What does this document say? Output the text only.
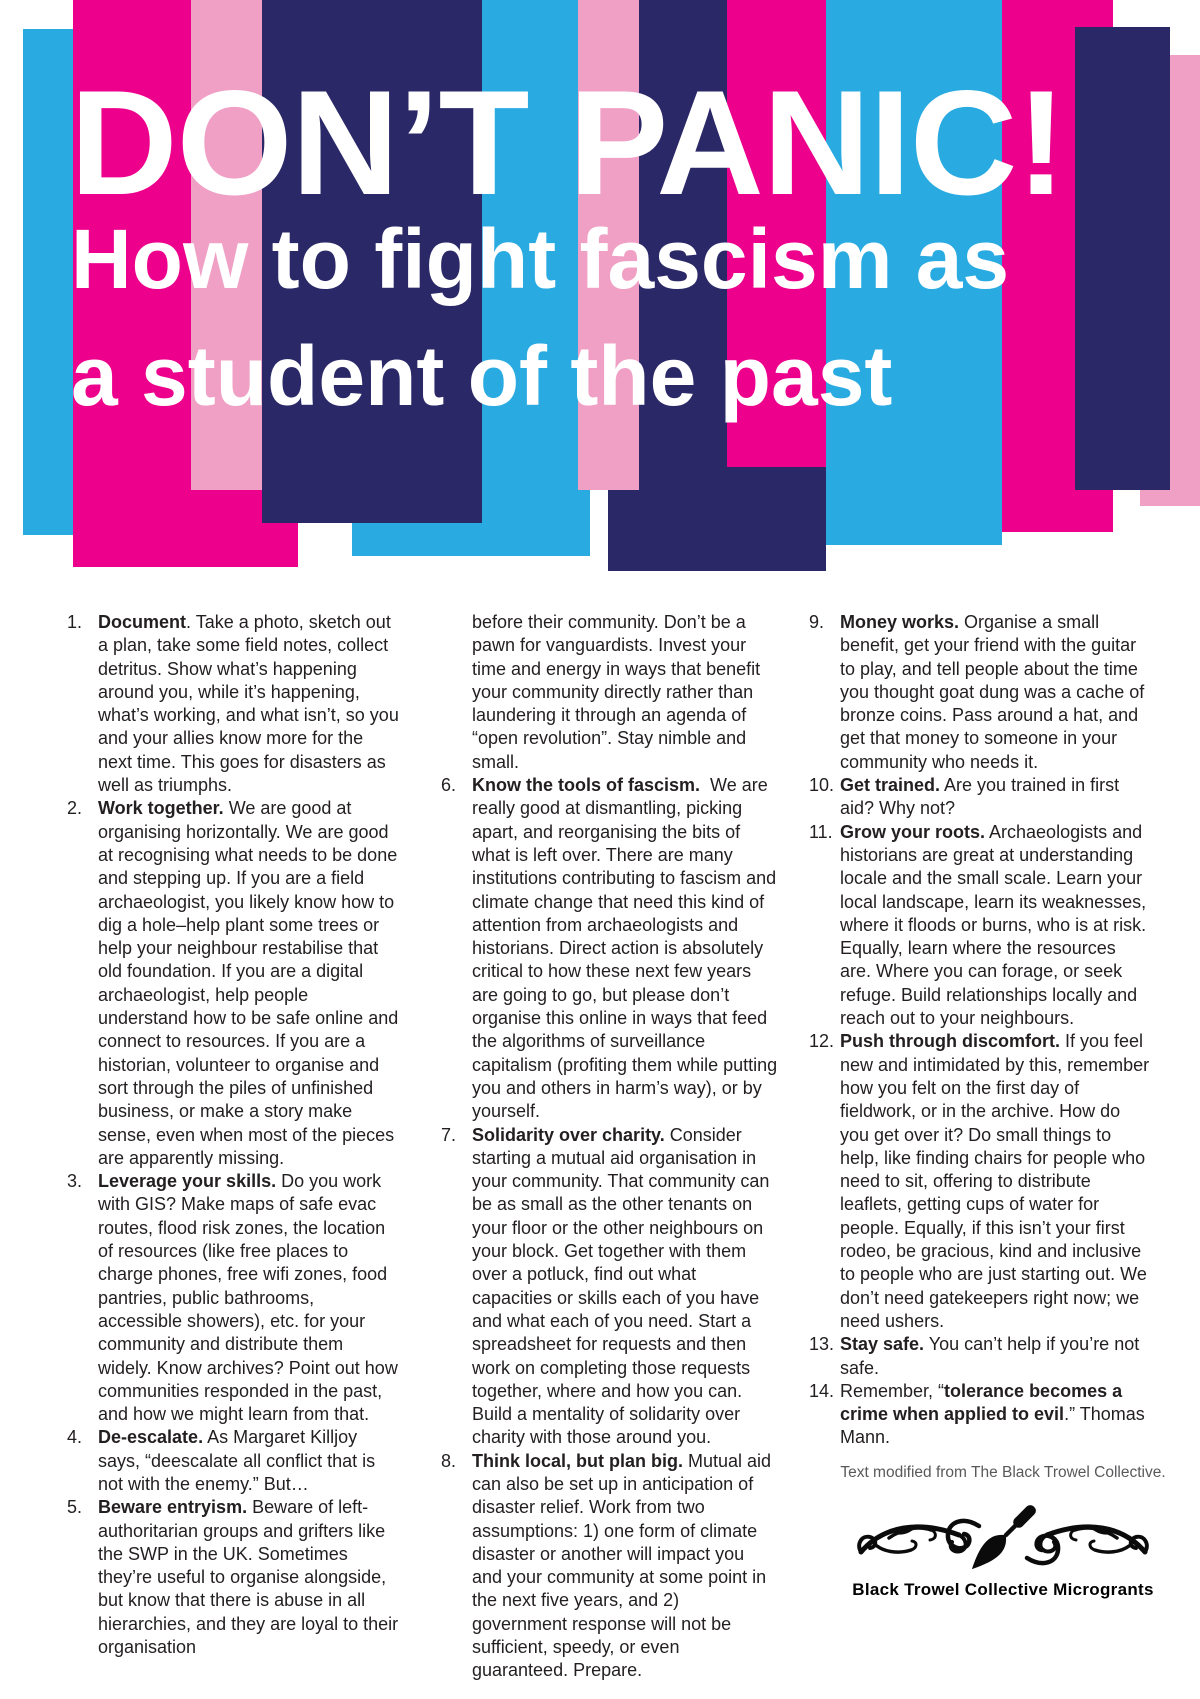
DON’T PANIC!
How to fight fascism as
a student of the past
1. Document. Take a photo, sketch out a plan, take some field notes, collect detritus. Show what’s happening around you, while it’s happening, what’s working, and what isn’t, so you and your allies know more for the next time. This goes for disasters as well as triumphs.
2. Work together. We are good at organising horizontally. We are good at recognising what needs to be done and stepping up. If you are a field archaeologist, you likely know how to dig a hole–help plant some trees or help your neighbour restabilise that old foundation. If you are a digital archaeologist, help people understand how to be safe online and connect to resources. If you are a historian, volunteer to organise and sort through the piles of unfinished business, or make a story make sense, even when most of the pieces are apparently missing.
3. Leverage your skills. Do you work with GIS? Make maps of safe evac routes, flood risk zones, the location of resources (like free places to charge phones, free wifi zones, food pantries, public bathrooms, accessible showers), etc. for your community and distribute them widely. Know archives? Point out how communities responded in the past, and how we might learn from that.
4. De-escalate. As Margaret Killjoy says, “deescalate all conflict that is not with the enemy.” But…
5. Beware entryism. Beware of left-authoritarian groups and grifters like the SWP in the UK. Sometimes they’re useful to organise alongside, but know that there is abuse in all hierarchies, and they are loyal to their organisation
before their community. Don’t be a pawn for vanguardists. Invest your time and energy in ways that benefit your community directly rather than laundering it through an agenda of “open revolution”. Stay nimble and small.
6. Know the tools of fascism.  We are really good at dismantling, picking apart, and reorganising the bits of what is left over. There are many institutions contributing to fascism and climate change that need this kind of attention from archaeologists and historians. Direct action is absolutely critical to how these next few years are going to go, but please don’t organise this online in ways that feed the algorithms of surveillance capitalism (profiting them while putting you and others in harm’s way), or by yourself.
7. Solidarity over charity. Consider starting a mutual aid organisation in your community. That community can be as small as the other tenants on your floor or the other neighbours on your block. Get together with them over a potluck, find out what capacities or skills each of you have and what each of you need. Start a spreadsheet for requests and then work on completing those requests together, where and how you can. Build a mentality of solidarity over charity with those around you.
8. Think local, but plan big. Mutual aid can also be set up in anticipation of disaster relief. Work from two assumptions: 1) one form of climate disaster or another will impact you and your community at some point in the next five years, and 2) government response will not be sufficient, speedy, or even guaranteed. Prepare.
9. Money works. Organise a small benefit, get your friend with the guitar to play, and tell people about the time you thought goat dung was a cache of bronze coins. Pass around a hat, and get that money to someone in your community who needs it.
10. Get trained. Are you trained in first aid? Why not?
11. Grow your roots. Archaeologists and historians are great at understanding locale and the small scale. Learn your local landscape, learn its weaknesses, where it floods or burns, who is at risk. Equally, learn where the resources are. Where you can forage, or seek refuge. Build relationships locally and reach out to your neighbours.
12. Push through discomfort. If you feel new and intimidated by this, remember how you felt on the first day of fieldwork, or in the archive. How do you get over it? Do small things to help, like finding chairs for people who need to sit, offering to distribute leaflets, getting cups of water for people. Equally, if this isn’t your first rodeo, be gracious, kind and inclusive to people who are just starting out. We don’t need gatekeepers right now; we need ushers.
13. Stay safe. You can’t help if you’re not safe.
14. Remember, “tolerance becomes a crime when applied to evil.” Thomas Mann.
Text modified from The Black Trowel Collective.
Black Trowel Collective Microgrants
